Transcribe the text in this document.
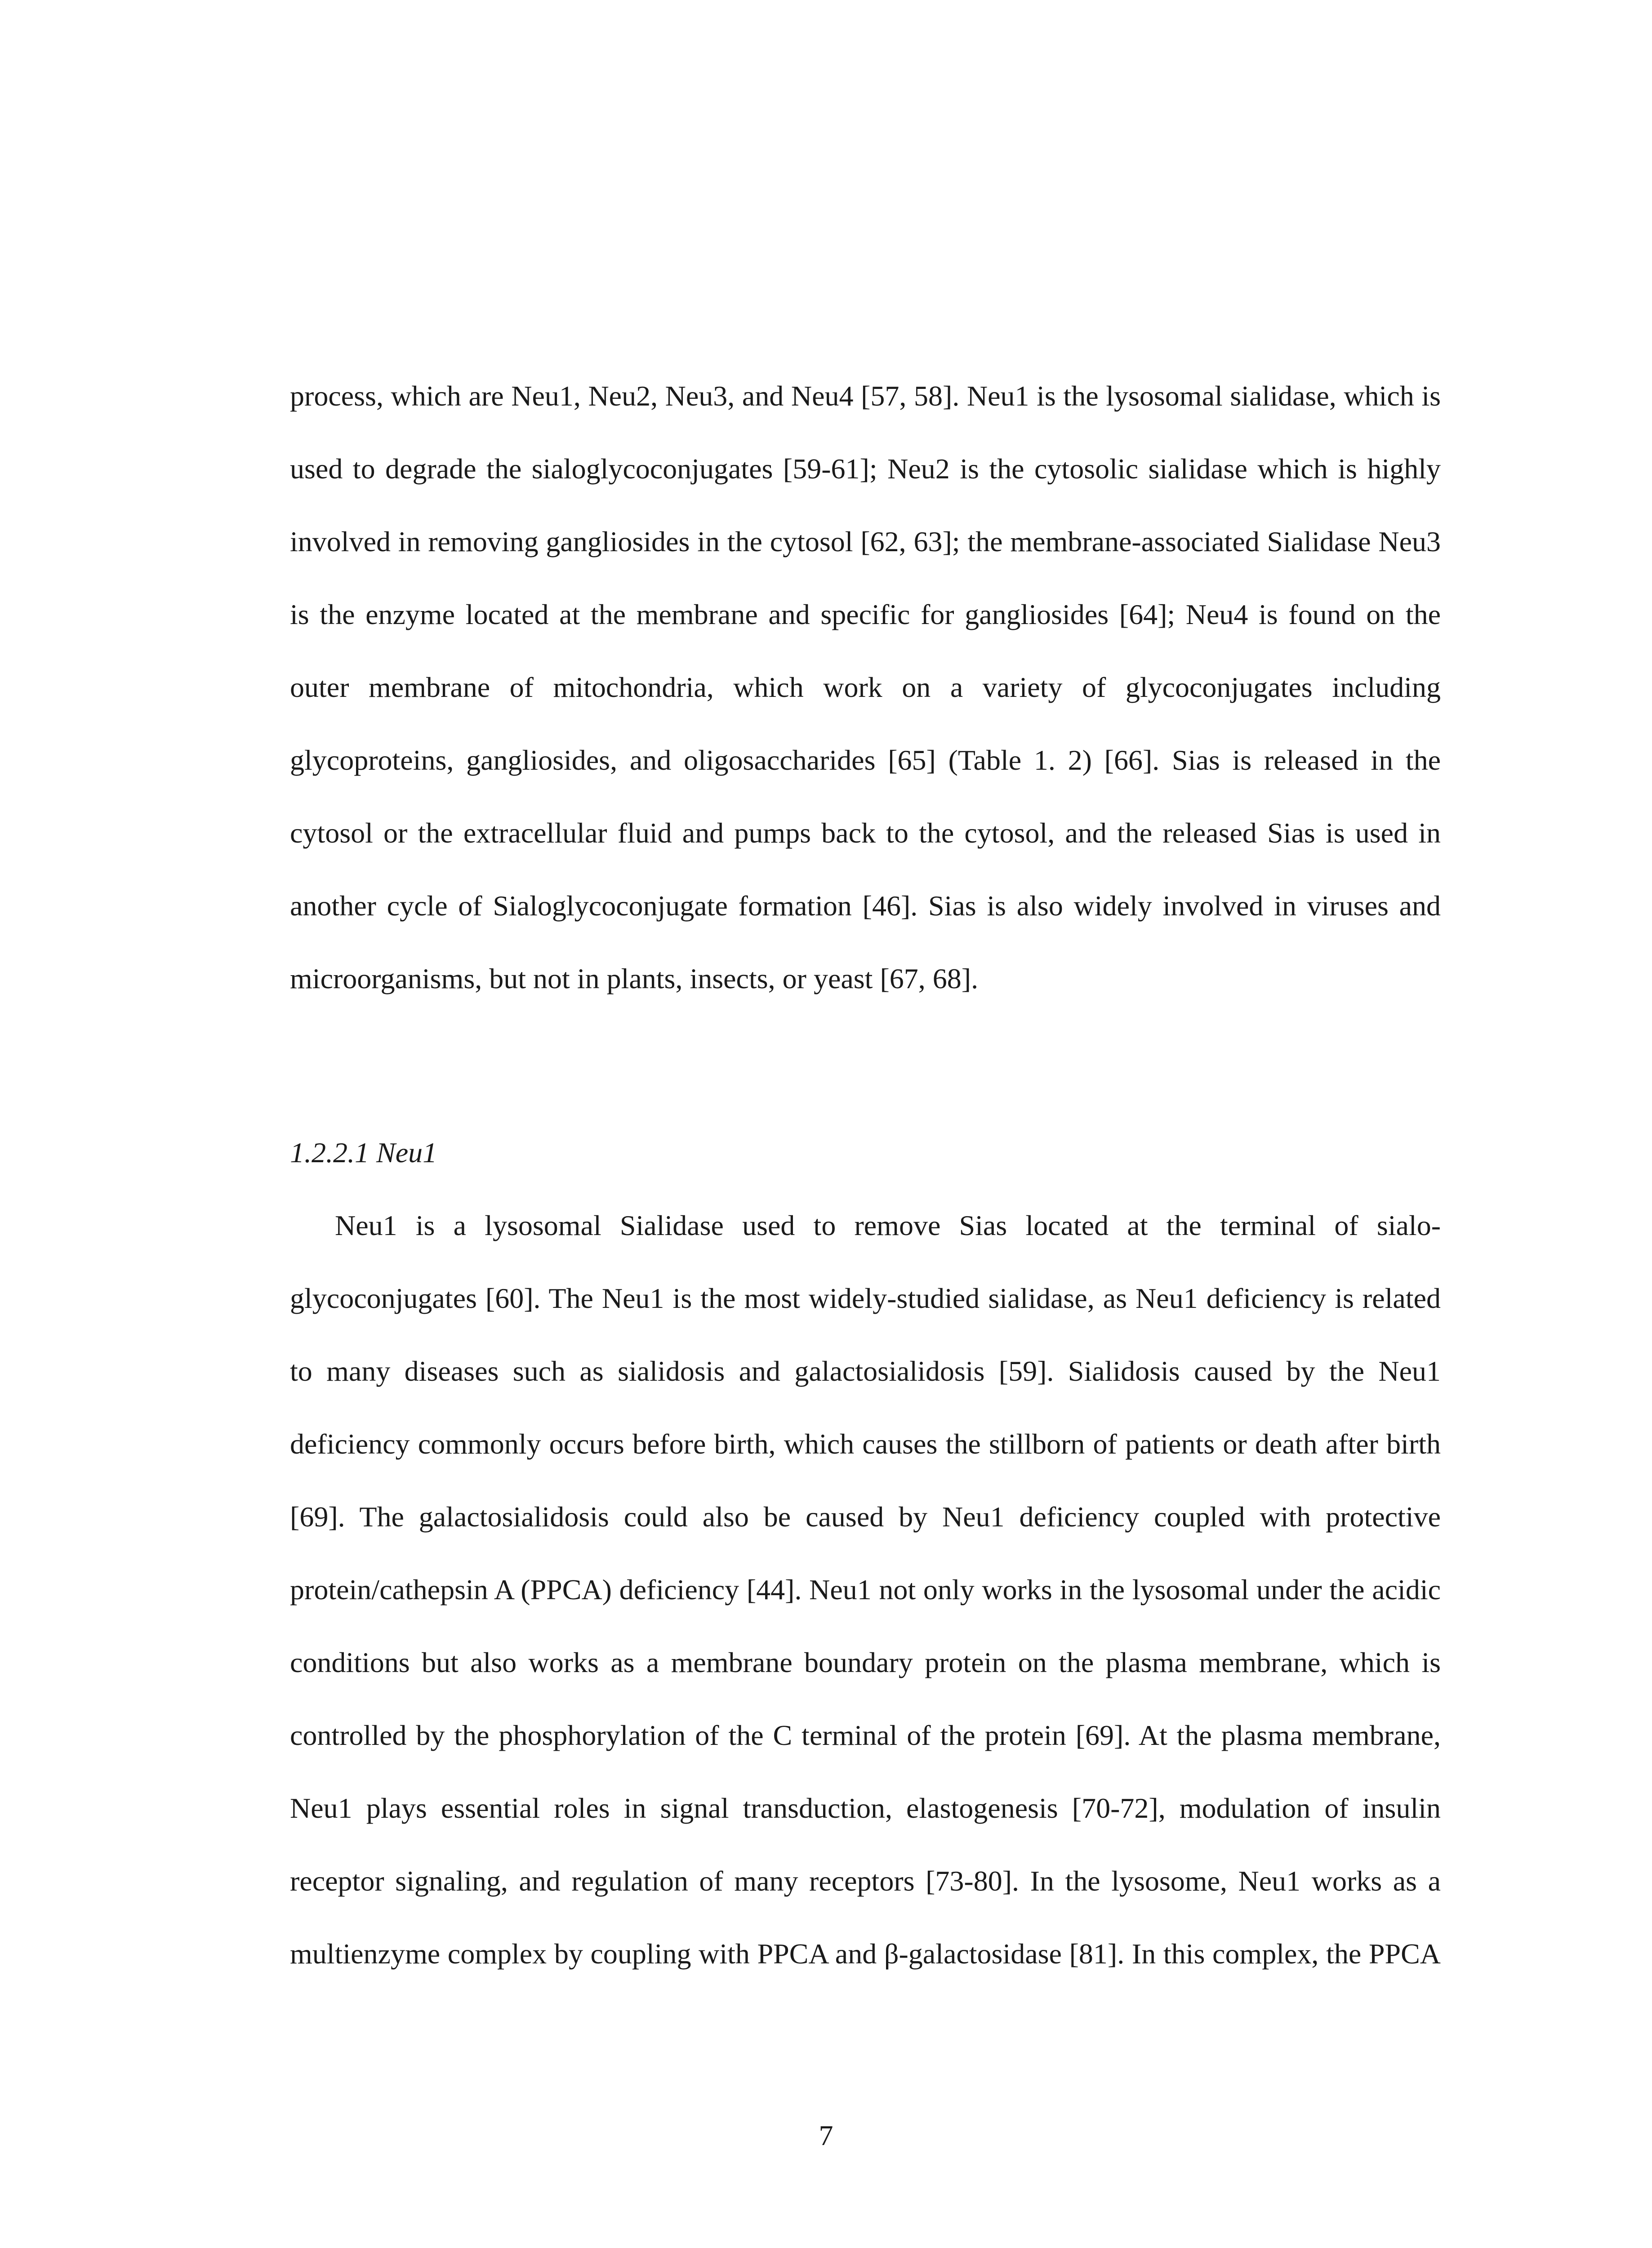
process, which are Neu1, Neu2, Neu3, and Neu4 [57, 58]. Neu1 is the lysosomal sialidase, which is used to degrade the sialoglycoconjugates [59-61]; Neu2 is the cytosolic sialidase which is highly involved in removing gangliosides in the cytosol [62, 63]; the membrane-associated Sialidase Neu3 is the enzyme located at the membrane and specific for gangliosides [64]; Neu4 is found on the outer membrane of mitochondria, which work on a variety of glycoconjugates including glycoproteins, gangliosides, and oligosaccharides [65] (Table 1. 2) [66]. Sias is released in the cytosol or the extracellular fluid and pumps back to the cytosol, and the released Sias is used in another cycle of Sialoglycoconjugate formation [46]. Sias is also widely involved in viruses and microorganisms, but not in plants, insects, or yeast [67, 68].

1.2.2.1 Neu1

Neu1 is a lysosomal Sialidase used to remove Sias located at the terminal of sialo-glycoconjugates [60]. The Neu1 is the most widely-studied sialidase, as Neu1 deficiency is related to many diseases such as sialidosis and galactosialidosis [59]. Sialidosis caused by the Neu1 deficiency commonly occurs before birth, which causes the stillborn of patients or death after birth [69]. The galactosialidosis could also be caused by Neu1 deficiency coupled with protective protein/cathepsin A (PPCA) deficiency [44]. Neu1 not only works in the lysosomal under the acidic conditions but also works as a membrane boundary protein on the plasma membrane, which is controlled by the phosphorylation of the C terminal of the protein [69]. At the plasma membrane, Neu1 plays essential roles in signal transduction, elastogenesis [70-72], modulation of insulin receptor signaling, and regulation of many receptors [73-80]. In the lysosome, Neu1 works as a multienzyme complex by coupling with PPCA and β-galactosidase [81]. In this complex, the PPCA

7
